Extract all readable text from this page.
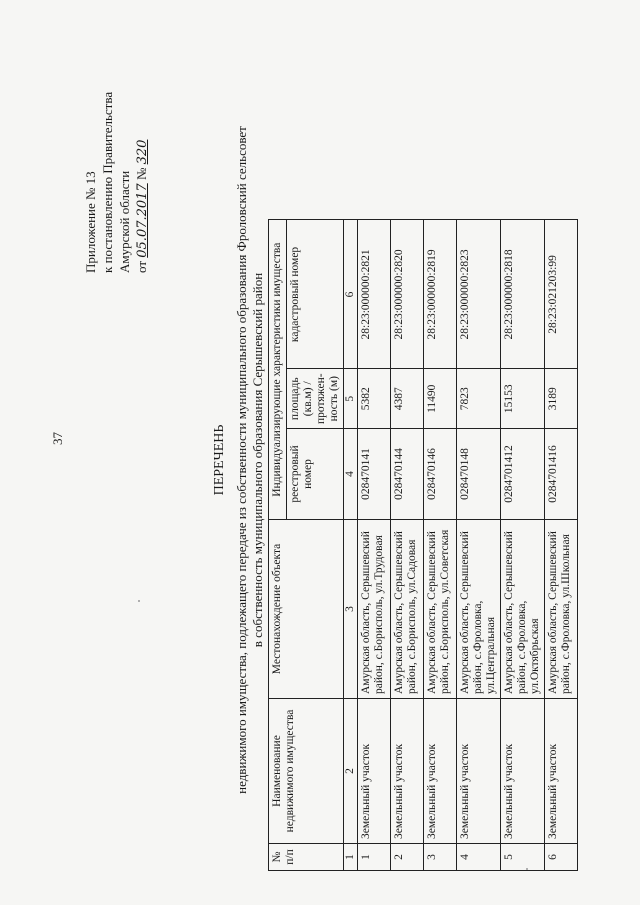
37
Приложение № 13 к постановлению Правительства Амурской области от 05.07.2017 № 320
ПЕРЕЧЕНЬ недвижимого имущества, подлежащего передаче из собственности муниципального образования Фроловский сельсовет в собственность муниципального образования Серышевский район
№ п/п	Наименование недвижимого имущества	Местонахождение объекта	Индивидуализирующие характеристики имущества		
			реестровый номер	площадь (кв.м) / протяжен-ность (м)	кадастровый номер
1	2	3	4	5	6
1	Земельный участок	Амурская область, Серышевский район, с.Борисполь, ул.Трудовая	028470141	5382	28:23:000000:2821
2	Земельный участок	Амурская область, Серышевский район, с.Борисполь, ул.Садовая	028470144	4387	28:23:000000:2820
3	Земельный участок	Амурская область, Серышевский район, с.Борисполь, ул.Советская	028470146	11490	28:23:000000:2819
4	Земельный участок	Амурская область, Серышевский район, с.Фроловка, ул.Центральная	028470148	7823	28:23:000000:2823
5	Земельный участок	Амурская область, Серышевский район, с.Фроловка, ул.Октябрьская	0284701412	15153	28:23:000000:2818
6	Земельный участок	Амурская область, Серышевский район, с.Фроловка, ул.Школьная	0284701416	3189	28:23:021203:99
